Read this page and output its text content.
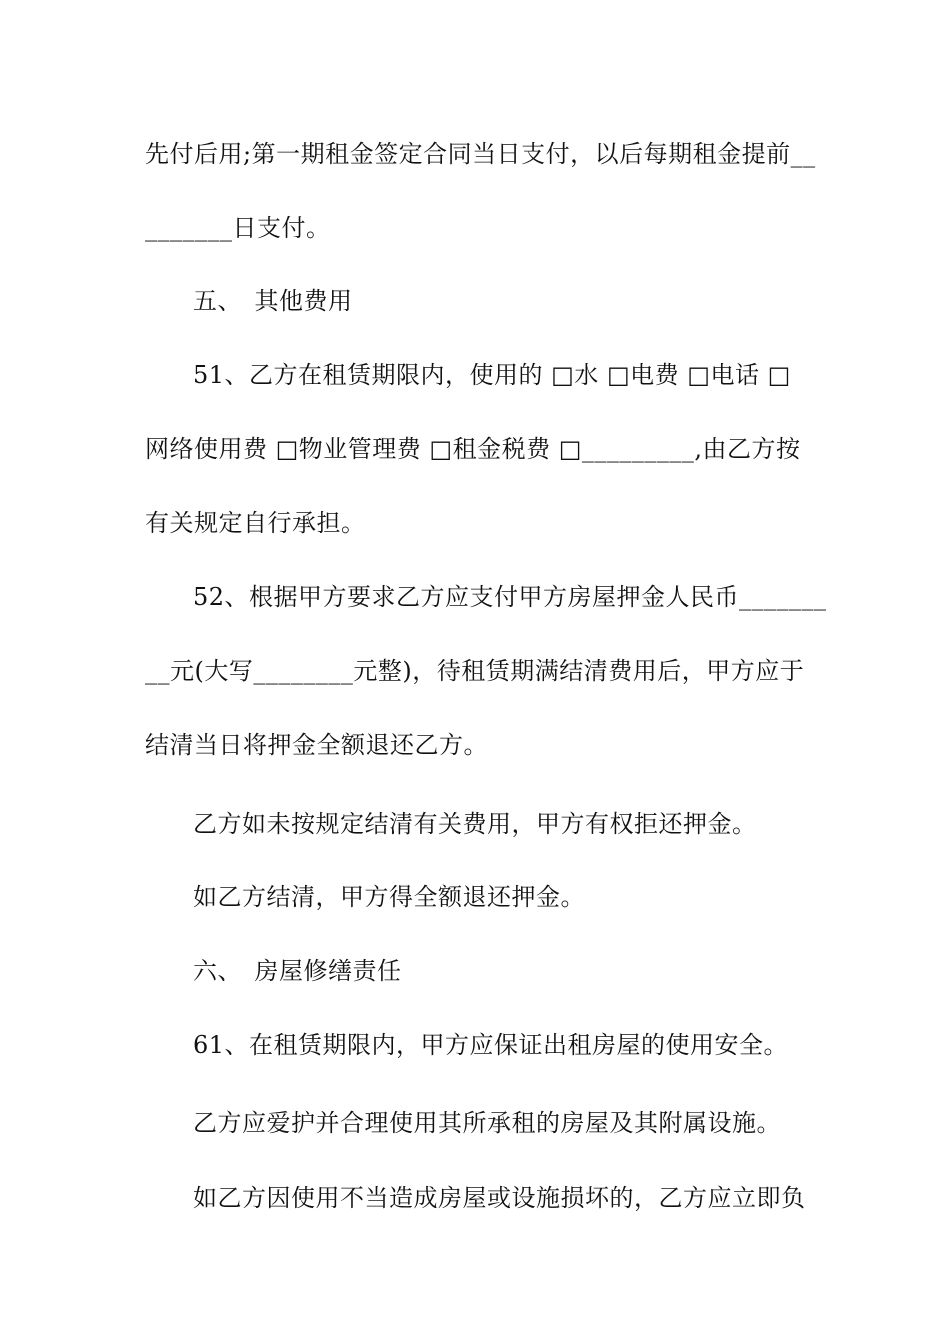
先付后用;第一期租金签定合同当日支付，以后每期租金提前__
_______日支付。
五、　其他费用
51、乙方在租赁期限内，使用的 □水 □电费 □电话 □
网络使用费 □物业管理费 □租金税费 □_________,由乙方按
有关规定自行承担。
52、根据甲方要求乙方应支付甲方房屋押金人民币_______
__元(大写________元整)，待租赁期满结清费用后，甲方应于
结清当日将押金全额退还乙方。
乙方如未按规定结清有关费用，甲方有权拒还押金。
如乙方结清，甲方得全额退还押金。
六、　房屋修缮责任
61、在租赁期限内，甲方应保证出租房屋的使用安全。
乙方应爱护并合理使用其所承租的房屋及其附属设施。
如乙方因使用不当造成房屋或设施损坏的，乙方应立即负
